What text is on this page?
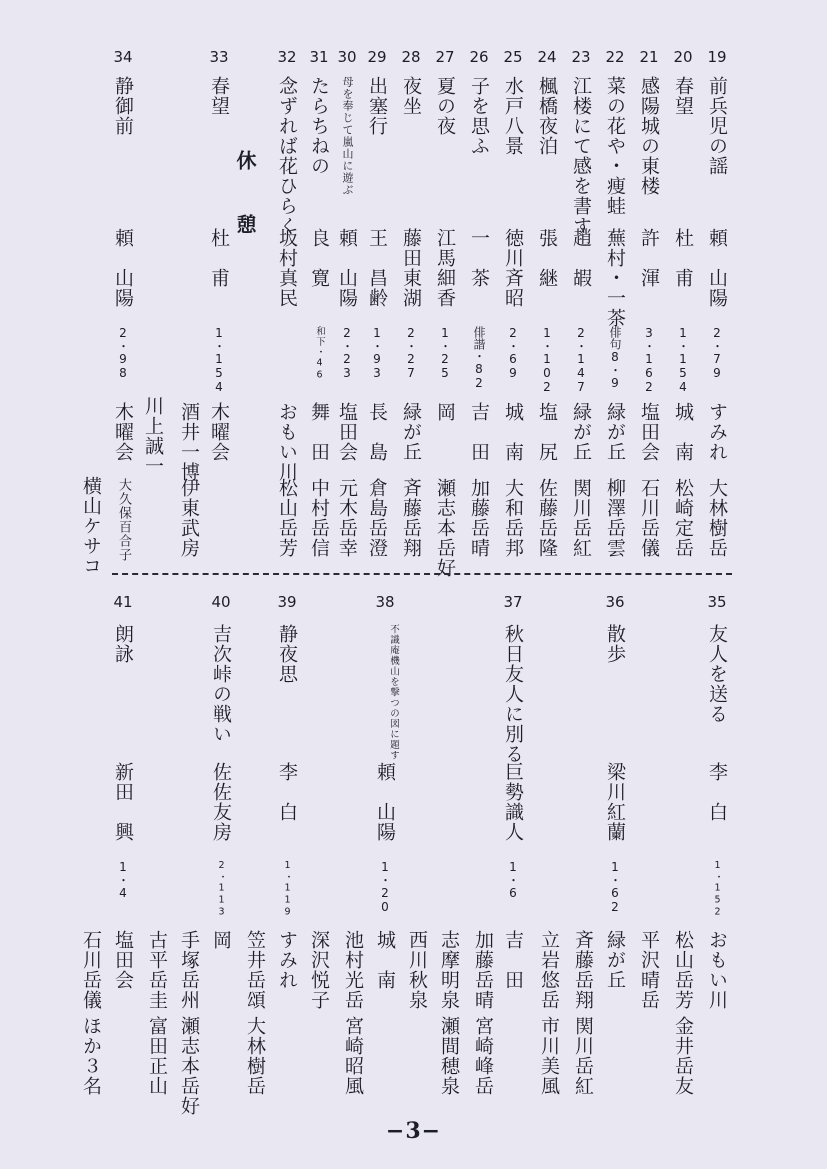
19
前兵児の謡
頼　山陽
2・79
すみれ
大林樹岳
20
春望
杜　甫
1・154
城　南
松崎定岳
21
感陽城の東楼
許　渾
3・162
塩田会
石川岳儀
22
菜の花や・痩蛙
蕪村・一茶
俳句8・9
緑が丘
柳澤岳雲
23
江楼にて感を書す
趙　嘏
2・147
緑が丘
関川岳紅
24
楓橋夜泊
張　継
1・102
塩　尻
佐藤岳隆
25
水戸八景
徳川斉昭
2・69
城　南
大和岳邦
26
子を思ふ
一　茶
俳諧・82
吉　田
加藤岳晴
27
夏の夜
江馬細香
1・25
岡
瀬志本岳好
28
夜坐
藤田東湖
2・27
緑が丘
斉藤岳翔
29
出塞行
王　昌齢
1・93
長　島
倉島岳澄
30
母を奉じて嵐山に遊ぶ
頼　山陽
2・23
塩田会
元木岳幸
31
たらちねの
良　寛
和下・46
舞　田
中村岳信
32
念ずれば花ひらく
坂村真民
おもい川
松山岳芳
休 憩
33
春望
杜　甫
1・154
木曜会
酒井一博
伊東武房
川上誠一
34
静御前
頼　山陽
2・98
木曜会
大久保百合子
横山ケサコ
35
友人を送る
李　白
1・152
おもい川
松山岳芳
金井岳友
平沢晴岳
36
散歩
梁川紅蘭
1・62
緑が丘
斉藤岳翔
関川岳紅
立岩悠岳
市川美風
37
秋日友人に別る
巨勢識人
1・6
吉　田
加藤岳晴
宮崎峰岳
志摩明泉
瀬間穂泉
西川秋泉
38
不識庵機山を撃つの図に題す
頼　山陽
1・20
城　南
池村光岳
宮崎昭風
深沢悦子
39
静夜思
李　白
1・119
すみれ
笠井岳頌
大林樹岳
40
吉次峠の戦い
佐佐友房
2・113
岡
手塚岳州
瀬志本岳好
古平岳圭
富田正山
41
朗詠
新田　興
1・4
塩田会
石川岳儀
ほか３名
−3−
